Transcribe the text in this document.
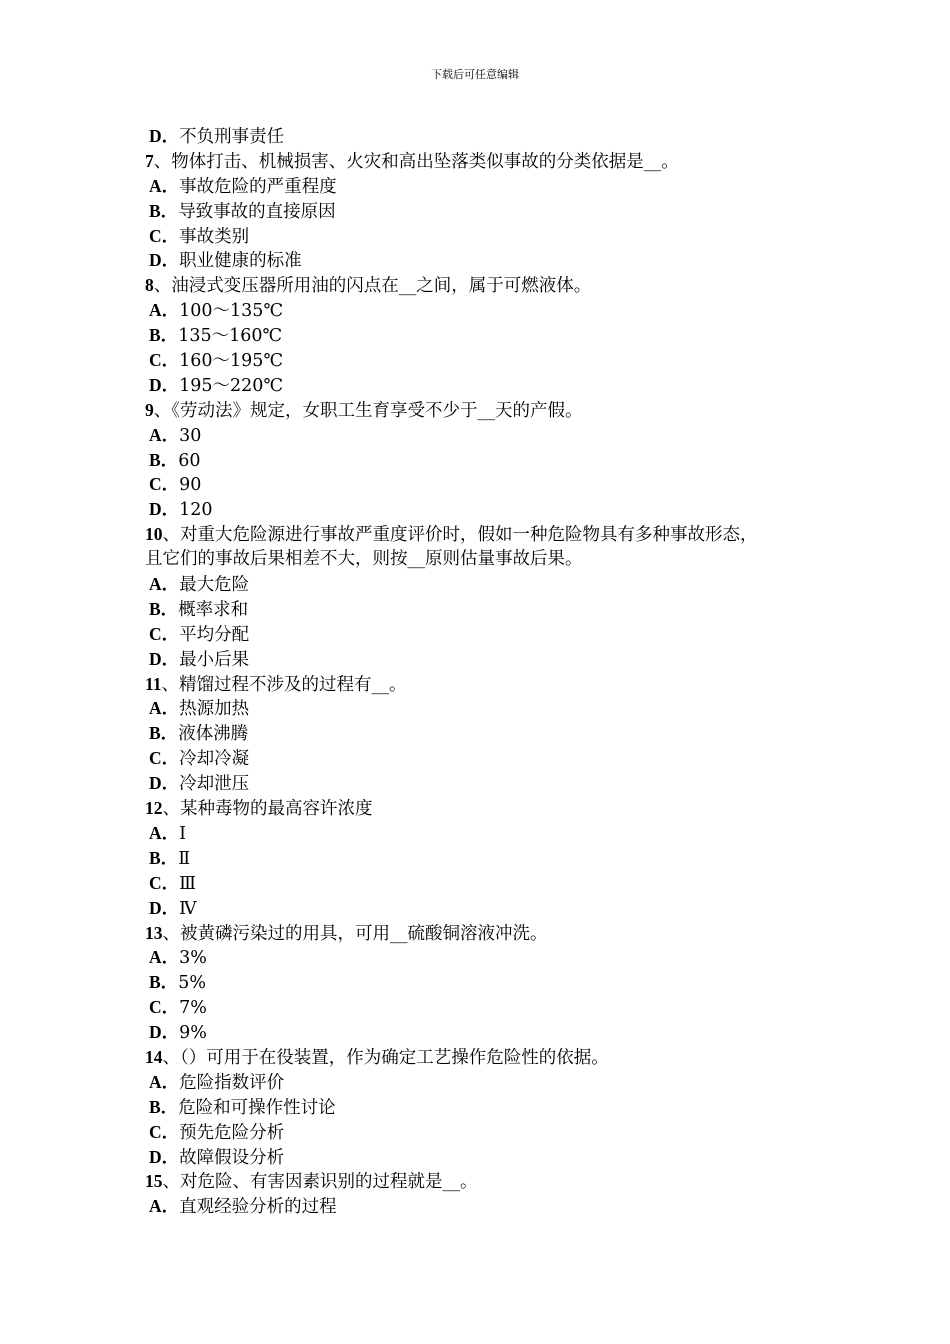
下载后可任意编辑
D．不负刑事责任
7、物体打击、机械损害、火灾和高出坠落类似事故的分类依据是__。
A．事故危险的严重程度
B．导致事故的直接原因
C．事故类别
D．职业健康的标准
8、油浸式变压器所用油的闪点在__之间，属于可燃液体。
A．100～135℃
B．135～160℃
C．160～195℃
D．195～220℃
9、《劳动法》规定，女职工生育享受不少于__天的产假。
A．30
B．60
C．90
D．120
10、对重大危险源进行事故严重度评价时，假如一种危险物具有多种事故形态，
且它们的事故后果相差不大，则按__原则估量事故后果。
A．最大危险
B．概率求和
C．平均分配
D．最小后果
11、精馏过程不涉及的过程有__。
A．热源加热
B．液体沸腾
C．冷却冷凝
D．冷却泄压
12、某种毒物的最高容许浓度
A．Ⅰ
B．Ⅱ
C．Ⅲ
D．Ⅳ
13、被黄磷污染过的用具，可用__硫酸铜溶液冲洗。
A．3%
B．5%
C．7%
D．9%
14、（）可用于在役装置，作为确定工艺操作危险性的依据。
A．危险指数评价
B．危险和可操作性讨论
C．预先危险分析
D．故障假设分析
15、对危险、有害因素识别的过程就是__。
A．直观经验分析的过程
